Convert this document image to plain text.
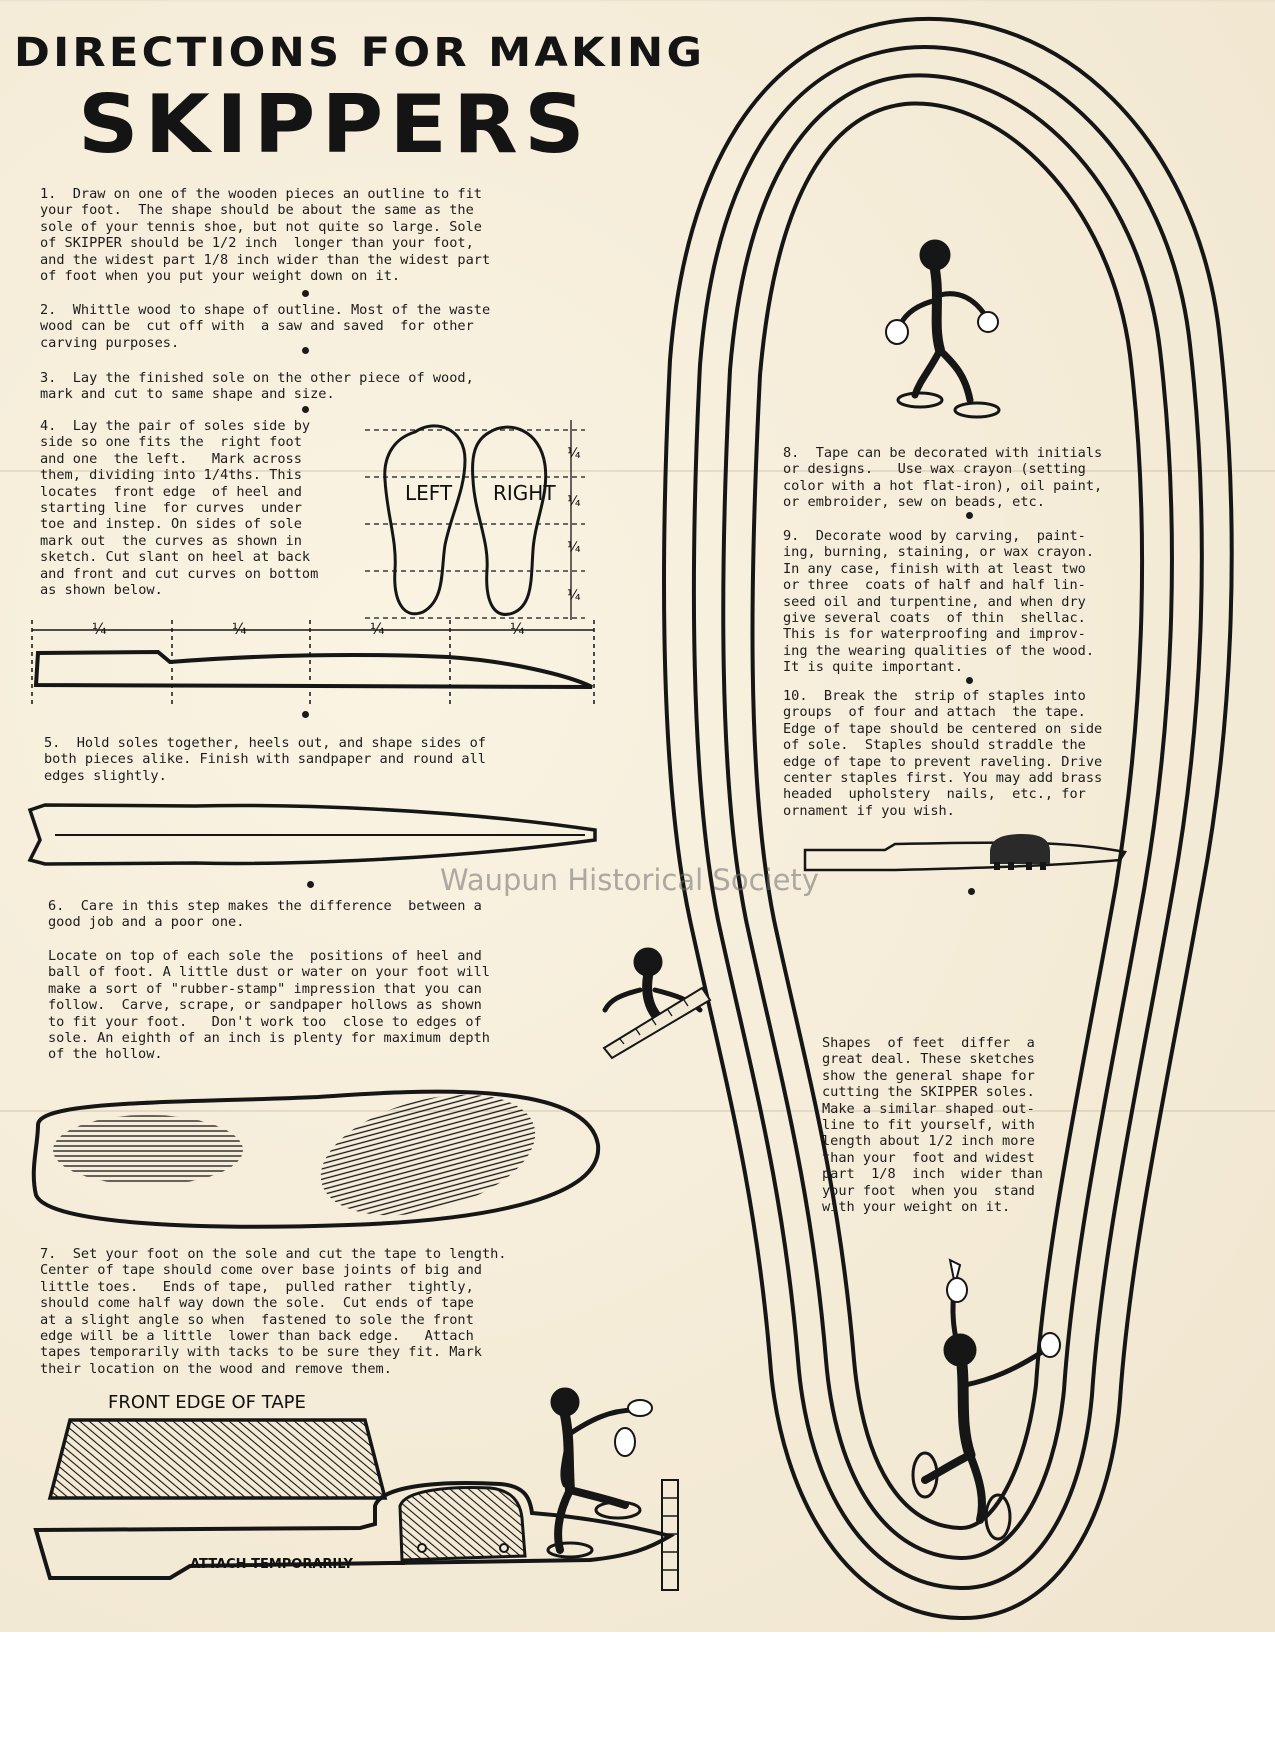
DIRECTIONS FOR MAKING
SKIPPERS
1.  Draw on one of the wooden pieces an outline to fit
your foot.  The shape should be about the same as the
sole of your tennis shoe, but not quite so large. Sole
of SKIPPER should be 1/2 inch  longer than your foot,
and the widest part 1/8 inch wider than the widest part
of foot when you put your weight down on it.
2.  Whittle wood to shape of outline. Most of the waste
wood can be  cut off with  a saw and saved  for other
carving purposes.
3.  Lay the finished sole on the other piece of wood,
mark and cut to same shape and size.
4.  Lay the pair of soles side by
side so one fits the  right foot
and one  the left.   Mark across
them, dividing into 1/4ths. This
locates  front edge  of heel and
starting line  for curves  under
toe and instep. On sides of sole
mark out  the curves as shown in
sketch. Cut slant on heel at back
and front and cut curves on bottom
as shown below.
LEFT RIGHT
¼
¼
¼
¼
¼	¼	¼	¼
5.  Hold soles together, heels out, and shape sides of
both pieces alike. Finish with sandpaper and round all
edges slightly.
6.  Care in this step makes the difference  between a
good job and a poor one.
Locate on top of each sole the  positions of heel and
ball of foot. A little dust or water on your foot will
make a sort of "rubber-stamp" impression that you can
follow.  Carve, scrape, or sandpaper hollows as shown
to fit your foot.   Don't work too  close to edges of
sole. An eighth of an inch is plenty for maximum depth
of the hollow.
7.  Set your foot on the sole and cut the tape to length.
Center of tape should come over base joints of big and
little toes.   Ends of tape,  pulled rather  tightly,
should come half way down the sole.  Cut ends of tape
at a slight angle so when  fastened to sole the front
edge will be a little  lower than back edge.   Attach
tapes temporarily with tacks to be sure they fit. Mark
their location on the wood and remove them.
FRONT EDGE OF TAPE
ATTACH TEMPORARILY
8.  Tape can be decorated with initials
or designs.   Use wax crayon (setting
color with a hot flat-iron), oil paint,
or embroider, sew on beads, etc.
9.  Decorate wood by carving,  paint-
ing, burning, staining, or wax crayon.
In any case, finish with at least two
or three  coats of half and half lin-
seed oil and turpentine, and when dry
give several coats  of thin  shellac.
This is for waterproofing and improv-
ing the wearing qualities of the wood.
It is quite important.
10.  Break the  strip of staples into
groups  of four and attach  the tape.
Edge of tape should be centered on side
of sole.  Staples should straddle the
edge of tape to prevent raveling. Drive
center staples first. You may add brass
headed  upholstery  nails,  etc., for
ornament if you wish.
Shapes  of feet  differ  a
great deal. These sketches
show the general shape for
cutting the SKIPPER soles.
Make a similar shaped out-
line to fit yourself, with
length about 1/2 inch more
than your  foot and widest
part  1/8  inch  wider than
your foot  when you  stand
with your weight on it.
Waupun Historical Society
